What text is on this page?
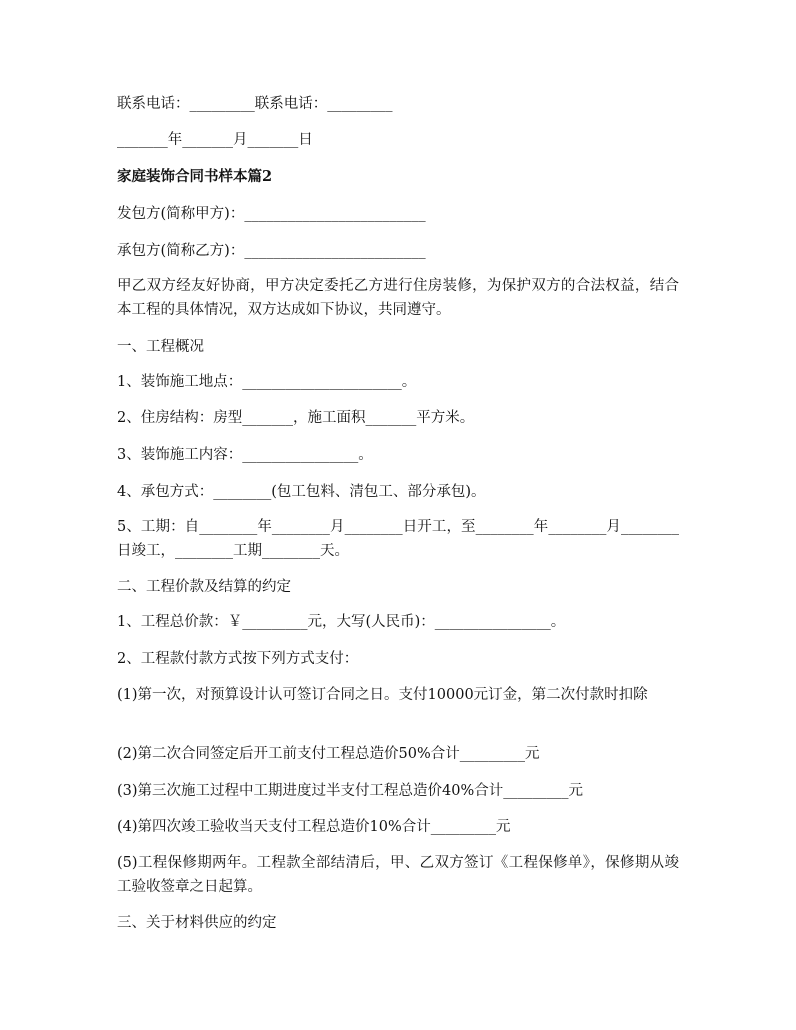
联系电话：_________联系电话：_________
_______年_______月_______日
家庭装饰合同书样本篇2
发包方(简称甲方)：_________________________
承包方(简称乙方)：_________________________
甲乙双方经友好协商，甲方决定委托乙方进行住房装修，为保护双方的合法权益，结合本工程的具体情况，双方达成如下协议，共同遵守。
一、工程概况
1、装饰施工地点：______________________。
2、住房结构：房型_______，施工面积_______平方米。
3、装饰施工内容：________________。
4、承包方式：________(包工包料、清包工、部分承包)。
5、工期：自________年________月________日开工，至________年________月________日竣工，________工期________天。
二、工程价款及结算的约定
1、工程总价款：￥_________元，大写(人民币)：________________。
2、工程款付款方式按下列方式支付：
(1)第一次，对预算设计认可签订合同之日。支付10000元订金，第二次付款时扣除
(2)第二次合同签定后开工前支付工程总造价50%合计_________元
(3)第三次施工过程中工期进度过半支付工程总造价40%合计_________元
(4)第四次竣工验收当天支付工程总造价10%合计_________元
(5)工程保修期两年。工程款全部结清后，甲、乙双方签订《工程保修单》，保修期从竣工验收签章之日起算。
三、关于材料供应的约定
